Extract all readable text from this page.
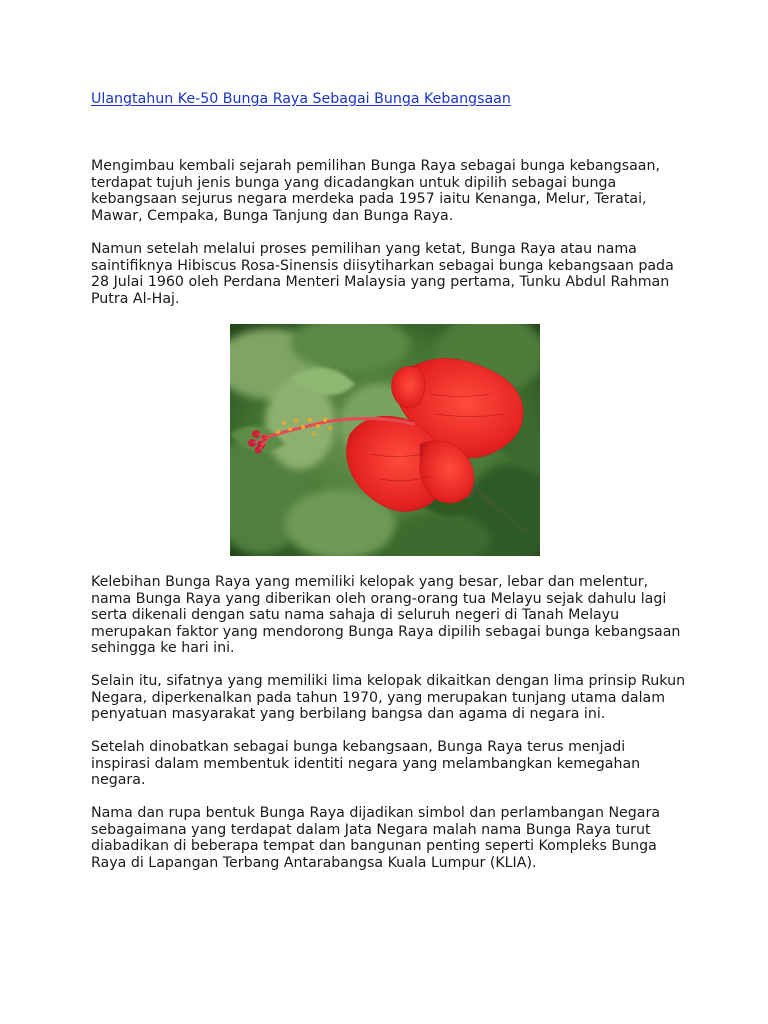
Ulangtahun Ke-50 Bunga Raya Sebagai Bunga Kebangsaan

Mengimbau kembali sejarah pemilihan Bunga Raya sebagai bunga kebangsaan,
terdapat tujuh jenis bunga yang dicadangkan untuk dipilih sebagai bunga
kebangsaan sejurus negara merdeka pada 1957 iaitu Kenanga, Melur, Teratai,
Mawar, Cempaka, Bunga Tanjung dan Bunga Raya.

Namun setelah melalui proses pemilihan yang ketat, Bunga Raya atau nama
saintifiknya Hibiscus Rosa-Sinensis diisytiharkan sebagai bunga kebangsaan pada
28 Julai 1960 oleh Perdana Menteri Malaysia yang pertama, Tunku Abdul Rahman
Putra Al-Haj.

Kelebihan Bunga Raya yang memiliki kelopak yang besar, lebar dan melentur,
nama Bunga Raya yang diberikan oleh orang-orang tua Melayu sejak dahulu lagi
serta dikenali dengan satu nama sahaja di seluruh negeri di Tanah Melayu
merupakan faktor yang mendorong Bunga Raya dipilih sebagai bunga kebangsaan
sehingga ke hari ini.

Selain itu, sifatnya yang memiliki lima kelopak dikaitkan dengan lima prinsip Rukun
Negara, diperkenalkan pada tahun 1970, yang merupakan tunjang utama dalam
penyatuan masyarakat yang berbilang bangsa dan agama di negara ini.

Setelah dinobatkan sebagai bunga kebangsaan, Bunga Raya terus menjadi
inspirasi dalam membentuk identiti negara yang melambangkan kemegahan
negara.

Nama dan rupa bentuk Bunga Raya dijadikan simbol dan perlambangan Negara
sebagaimana yang terdapat dalam Jata Negara malah nama Bunga Raya turut
diabadikan di beberapa tempat dan bangunan penting seperti Kompleks Bunga
Raya di Lapangan Terbang Antarabangsa Kuala Lumpur (KLIA).
